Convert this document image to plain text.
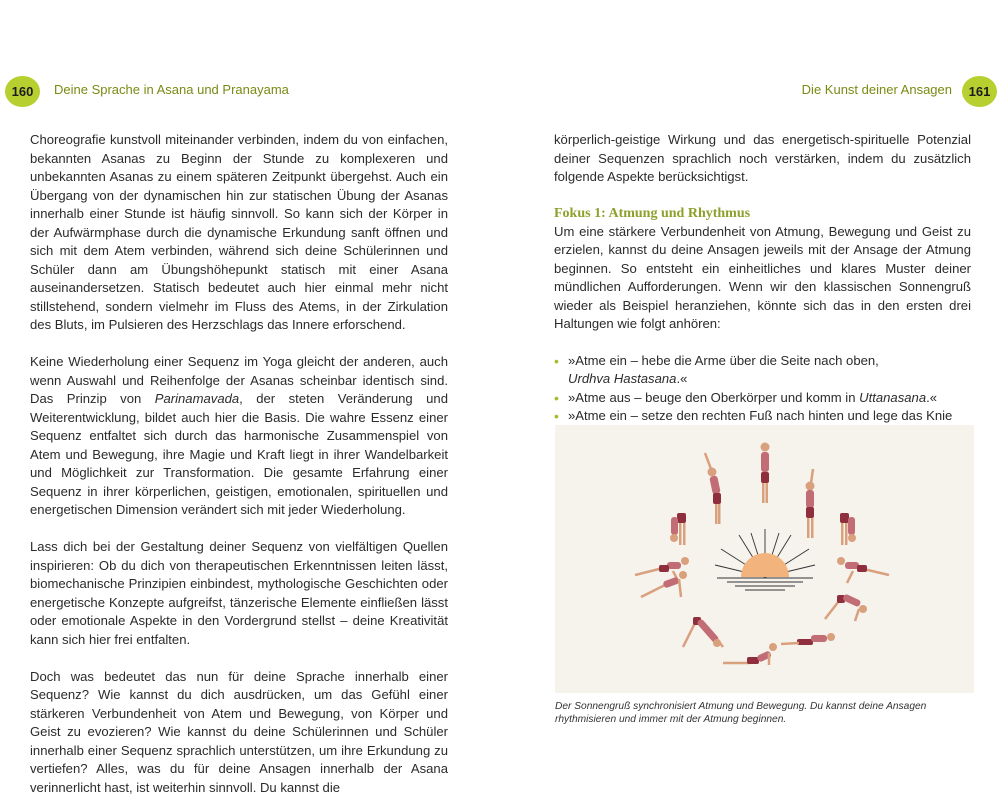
160	Deine Sprache in Asana und Pranayama	Die Kunst deiner Ansagen	161

Choreografie kunstvoll miteinander verbinden, indem du von einfachen, bekannten Asanas zu Beginn der Stunde zu komplexeren und unbekannten Asanas zu einem späteren Zeitpunkt übergehst. Auch ein Übergang von der dynamischen hin zur statischen Übung der Asanas innerhalb einer Stunde ist häufig sinnvoll. So kann sich der Körper in der Aufwärmphase durch die dynamische Erkundung sanft öffnen und sich mit dem Atem verbinden, während sich deine Schülerinnen und Schüler dann am Übungshöhepunkt statisch mit einer Asana auseinandersetzen. Statisch bedeutet auch hier einmal mehr nicht stillstehend, sondern vielmehr im Fluss des Atems, in der Zirkulation des Bluts, im Pulsieren des Herzschlags das Innere erforschend.

Keine Wiederholung einer Sequenz im Yoga gleicht der anderen, auch wenn Auswahl und Reihenfolge der Asanas scheinbar identisch sind. Das Prinzip von Parinamavada, der steten Veränderung und Weiterentwicklung, bildet auch hier die Basis. Die wahre Essenz einer Sequenz entfaltet sich durch das harmonische Zusammenspiel von Atem und Bewegung, ihre Magie und Kraft liegt in ihrer Wandelbarkeit und Möglichkeit zur Transformation. Die gesamte Erfahrung einer Sequenz in ihrer körperlichen, geistigen, emotionalen, spirituellen und energetischen Dimension verändert sich mit jeder Wiederholung.

Lass dich bei der Gestaltung deiner Sequenz von vielfältigen Quellen inspirieren: Ob du dich von therapeutischen Erkenntnissen leiten lässt, biomechanische Prinzipien einbindest, mythologische Geschichten oder energetische Konzepte aufgreifst, tänzerische Elemente einfließen lässt oder emotionale Aspekte in den Vordergrund stellst – deine Kreativität kann sich hier frei entfalten.

Doch was bedeutet das nun für deine Sprache innerhalb einer Sequenz? Wie kannst du dich ausdrücken, um das Gefühl einer stärkeren Verbundenheit von Atem und Bewegung, von Körper und Geist zu evozieren? Wie kannst du deine Schülerinnen und Schüler innerhalb einer Sequenz sprachlich unterstützen, um ihre Erkundung zu vertiefen? Alles, was du für deine Ansagen innerhalb der Asana verinnerlicht hast, ist weiterhin sinnvoll. Du kannst die

körperlich-geistige Wirkung und das energetisch-spirituelle Potenzial deiner Sequenzen sprachlich noch verstärken, indem du zusätzlich folgende Aspekte berücksichtigst.

Fokus 1: Atmung und Rhythmus

Um eine stärkere Verbundenheit von Atmung, Bewegung und Geist zu erzielen, kannst du deine Ansagen jeweils mit der Ansage der Atmung beginnen. So entsteht ein einheitliches und klares Muster deiner mündlichen Aufforderungen. Wenn wir den klassischen Sonnengruß wieder als Beispiel heranziehen, könnte sich das in den ersten drei Haltungen wie folgt anhören:

• »Atme ein – hebe die Arme über die Seite nach oben,
Urdhva Hastasana.«
• »Atme aus – beuge den Oberkörper und komm in Uttanasana.«
• »Atme ein – setze den rechten Fuß nach hinten und lege das Knie

Der Sonnengruß synchronisiert Atmung und Bewegung. Du kannst deine Ansagen rhythmisieren und immer mit der Atmung beginnen.
